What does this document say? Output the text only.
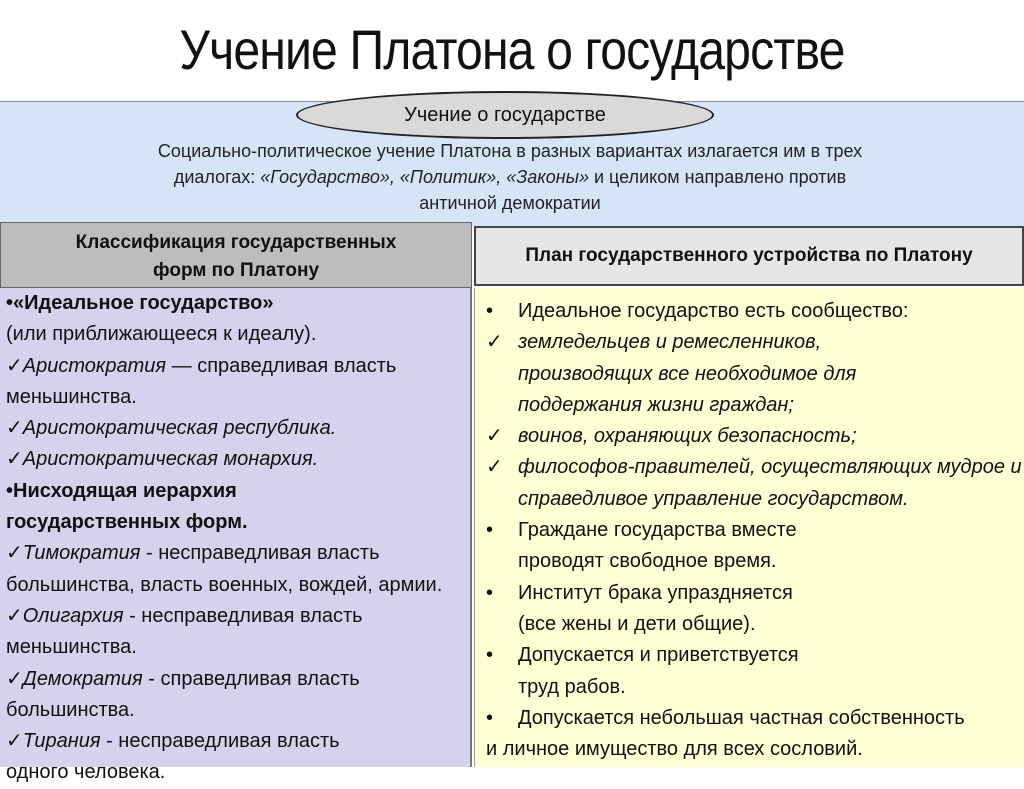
Учение Платона о государстве
Учение о государстве
Социально-политическое учение Платона в разных вариантах излагается им в трех
диалогах: «Государство», «Политик», «Законы» и целиком направлено против
античной демократии
Классификация государственных
форм по Платону
•«Идеальное государство»
(или приближающееся к идеалу).
✓Аристократия — справедливая власть
меньшинства.
✓Аристократическая республика.
✓Аристократическая монархия.
•Нисходящая иерархия
государственных форм.
✓Тимократия - несправедливая власть
большинства, власть военных, вождей, армии.
✓Олигархия - несправедливая власть
меньшинства.
✓Демократия - справедливая власть
большинства.
✓Тирания - несправедливая власть
одного человека.
План государственного устройства по Платону
•	Идеальное государство есть сообщество:
✓ земледельцев и ремесленников,
производящих все необходимое для
поддержания жизни граждан;
✓ воинов, охраняющих безопасность;
✓ философов-правителей, осуществляющих мудрое и
справедливое управление государством.
•	Граждане государства вместе
проводят свободное время.
•	Институт брака упраздняется
(все жены и дети общие).
•	Допускается и приветствуется
труд рабов.
•	Допускается небольшая частная собственность
и личное имущество для всех сословий.
